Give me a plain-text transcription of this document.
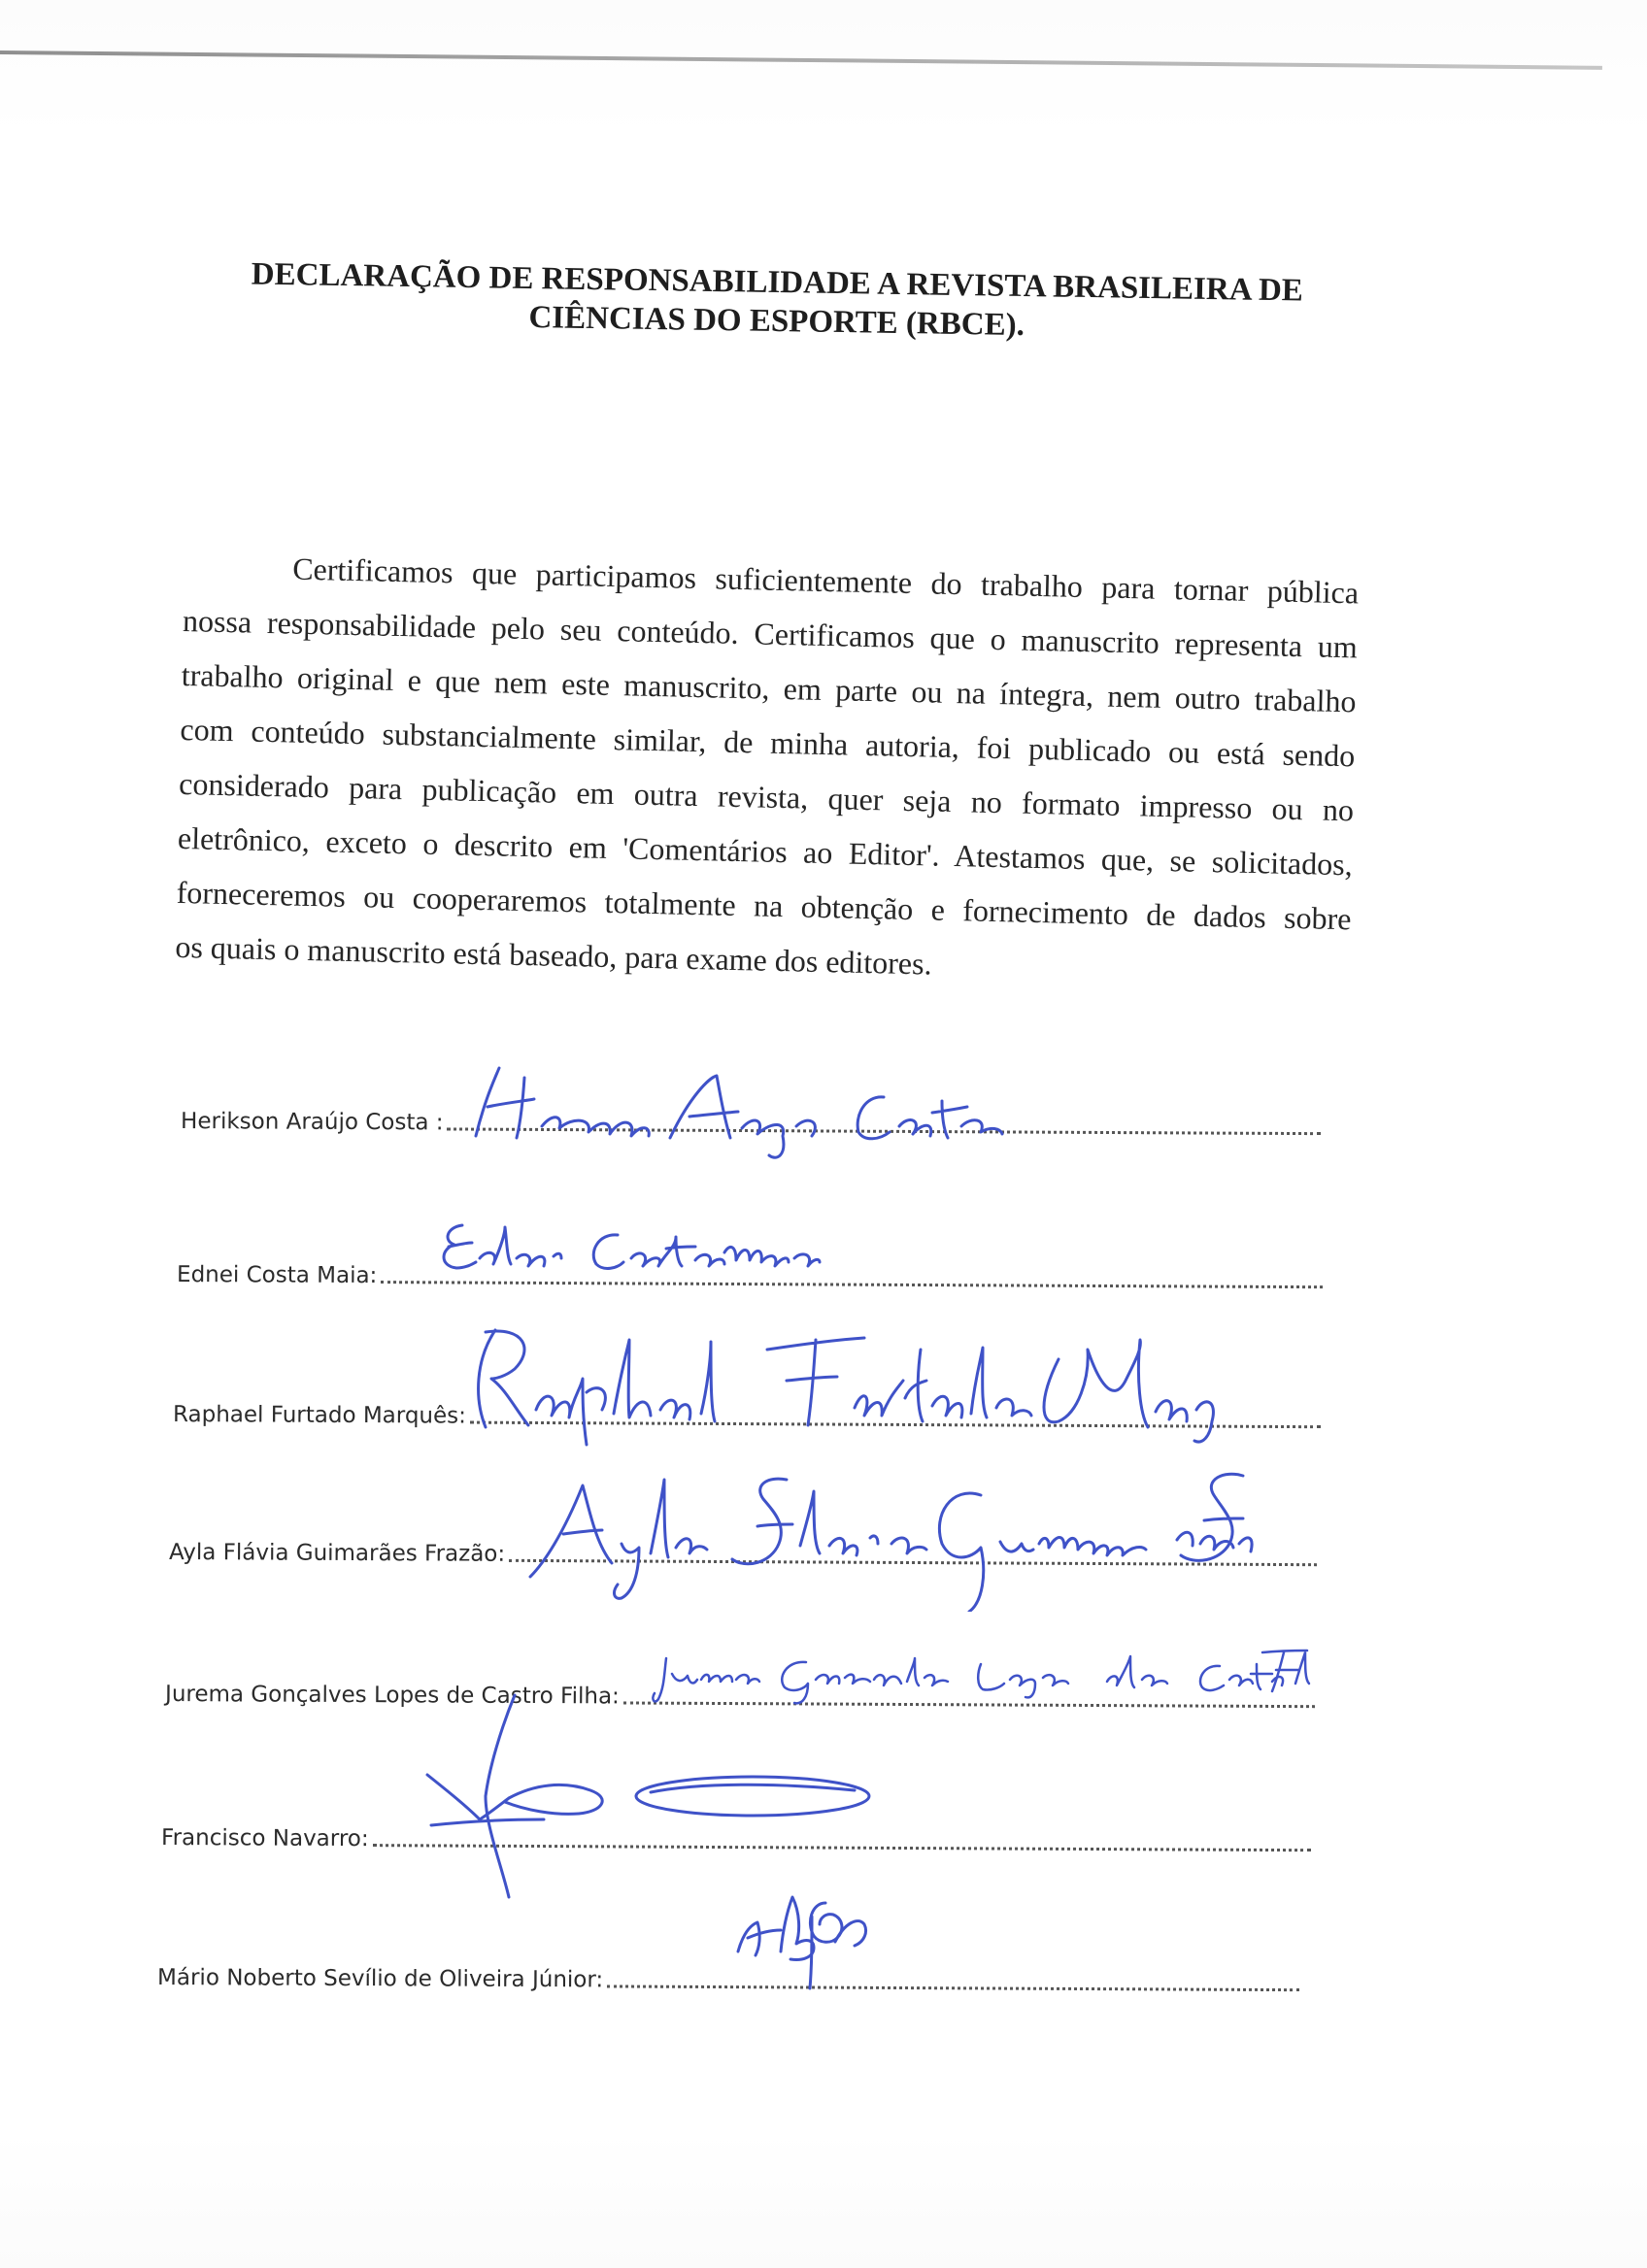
DECLARAÇÃO DE RESPONSABILIDADE A REVISTA BRASILEIRA DE
CIÊNCIAS DO ESPORTE (RBCE).
Certificamos que participamos suficientemente do trabalho para tornar pública
nossa responsabilidade pelo seu conteúdo. Certificamos que o manuscrito representa um
trabalho original e que nem este manuscrito, em parte ou na íntegra, nem outro trabalho
com conteúdo substancialmente similar, de minha autoria, foi publicado ou está sendo
considerado para publicação em outra revista, quer seja no formato impresso ou no
eletrônico, exceto o descrito em 'Comentários ao Editor'. Atestamos que, se solicitados,
forneceremos ou cooperaremos totalmente na obtenção e fornecimento de dados sobre
os quais o manuscrito está baseado, para exame dos editores.
Herikson Araújo Costa :
Ednei Costa Maia:
Raphael Furtado Marquês:
Ayla Flávia Guimarães Frazão:
Jurema Gonçalves Lopes de Castro Filha:
Francisco Navarro:
Mário Noberto Sevílio de Oliveira Júnior:
